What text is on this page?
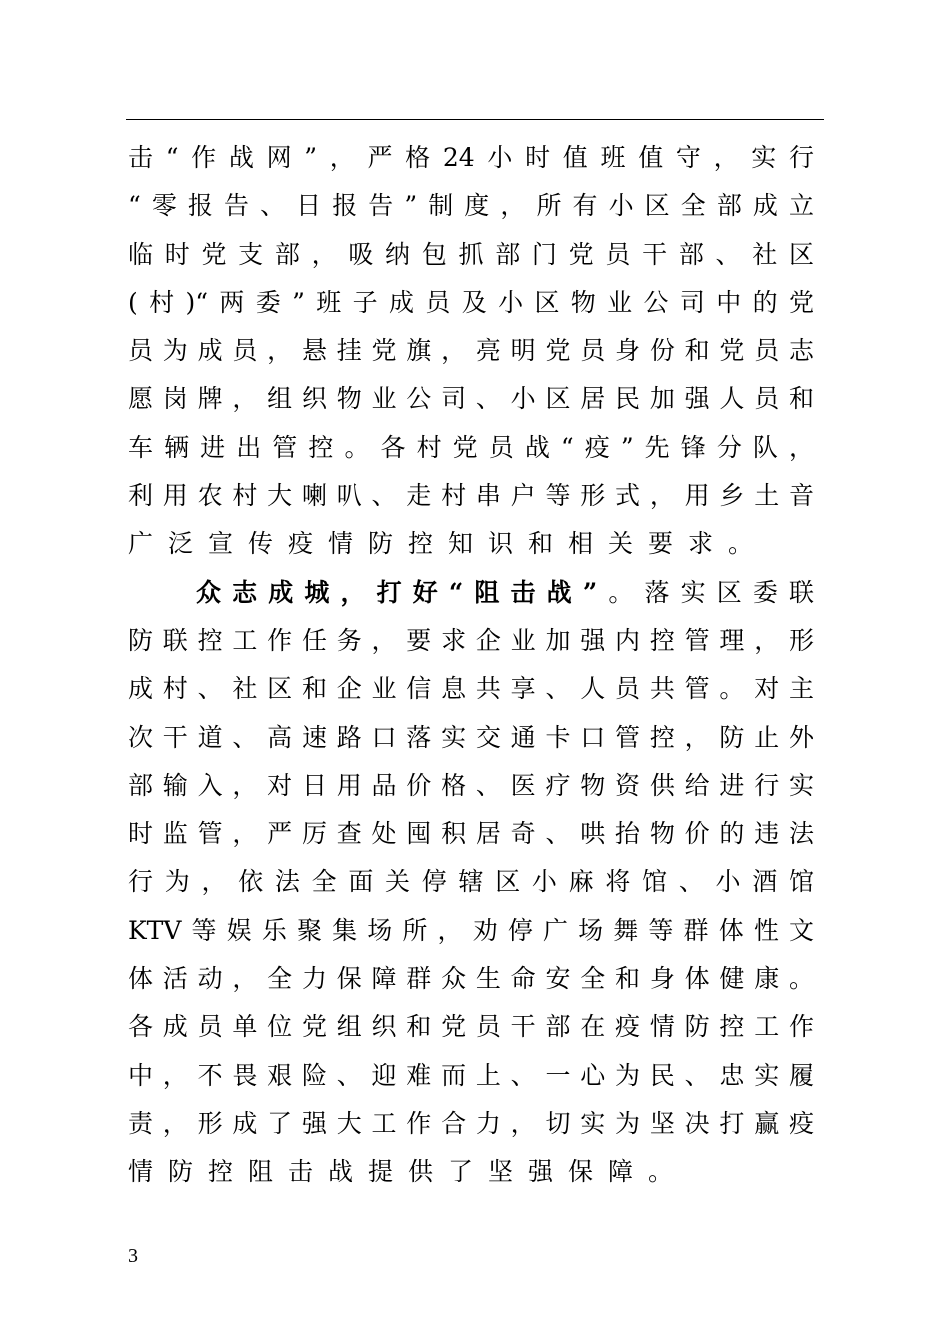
击“作战网”，严格24小时值班值守，实行
“零报告、日报告”制度，所有小区全部成立
临时党支部，吸纳包抓部门党员干部、社区
(村)“两委”班子成员及小区物业公司中的党
员为成员，悬挂党旗，亮明党员身份和党员志
愿岗牌，组织物业公司、小区居民加强人员和
车辆进出管控。各村党员战“疫”先锋分队，
利用农村大喇叭、走村串户等形式，用乡土音
广泛宣传疫情防控知识和相关要求。
众志成城，打好“阻击战”。落实区委联
防联控工作任务，要求企业加强内控管理，形
成村、社区和企业信息共享、人员共管。对主
次干道、高速路口落实交通卡口管控，防止外
部输入，对日用品价格、医疗物资供给进行实
时监管，严厉查处囤积居奇、哄抬物价的违法
行为，依法全面关停辖区小麻将馆、小酒馆
KTV等娱乐聚集场所，劝停广场舞等群体性文
体活动，全力保障群众生命安全和身体健康。
各成员单位党组织和党员干部在疫情防控工作
中，不畏艰险、迎难而上、一心为民、忠实履
责，形成了强大工作合力，切实为坚决打赢疫
情防控阻击战提供了坚强保障。
3
